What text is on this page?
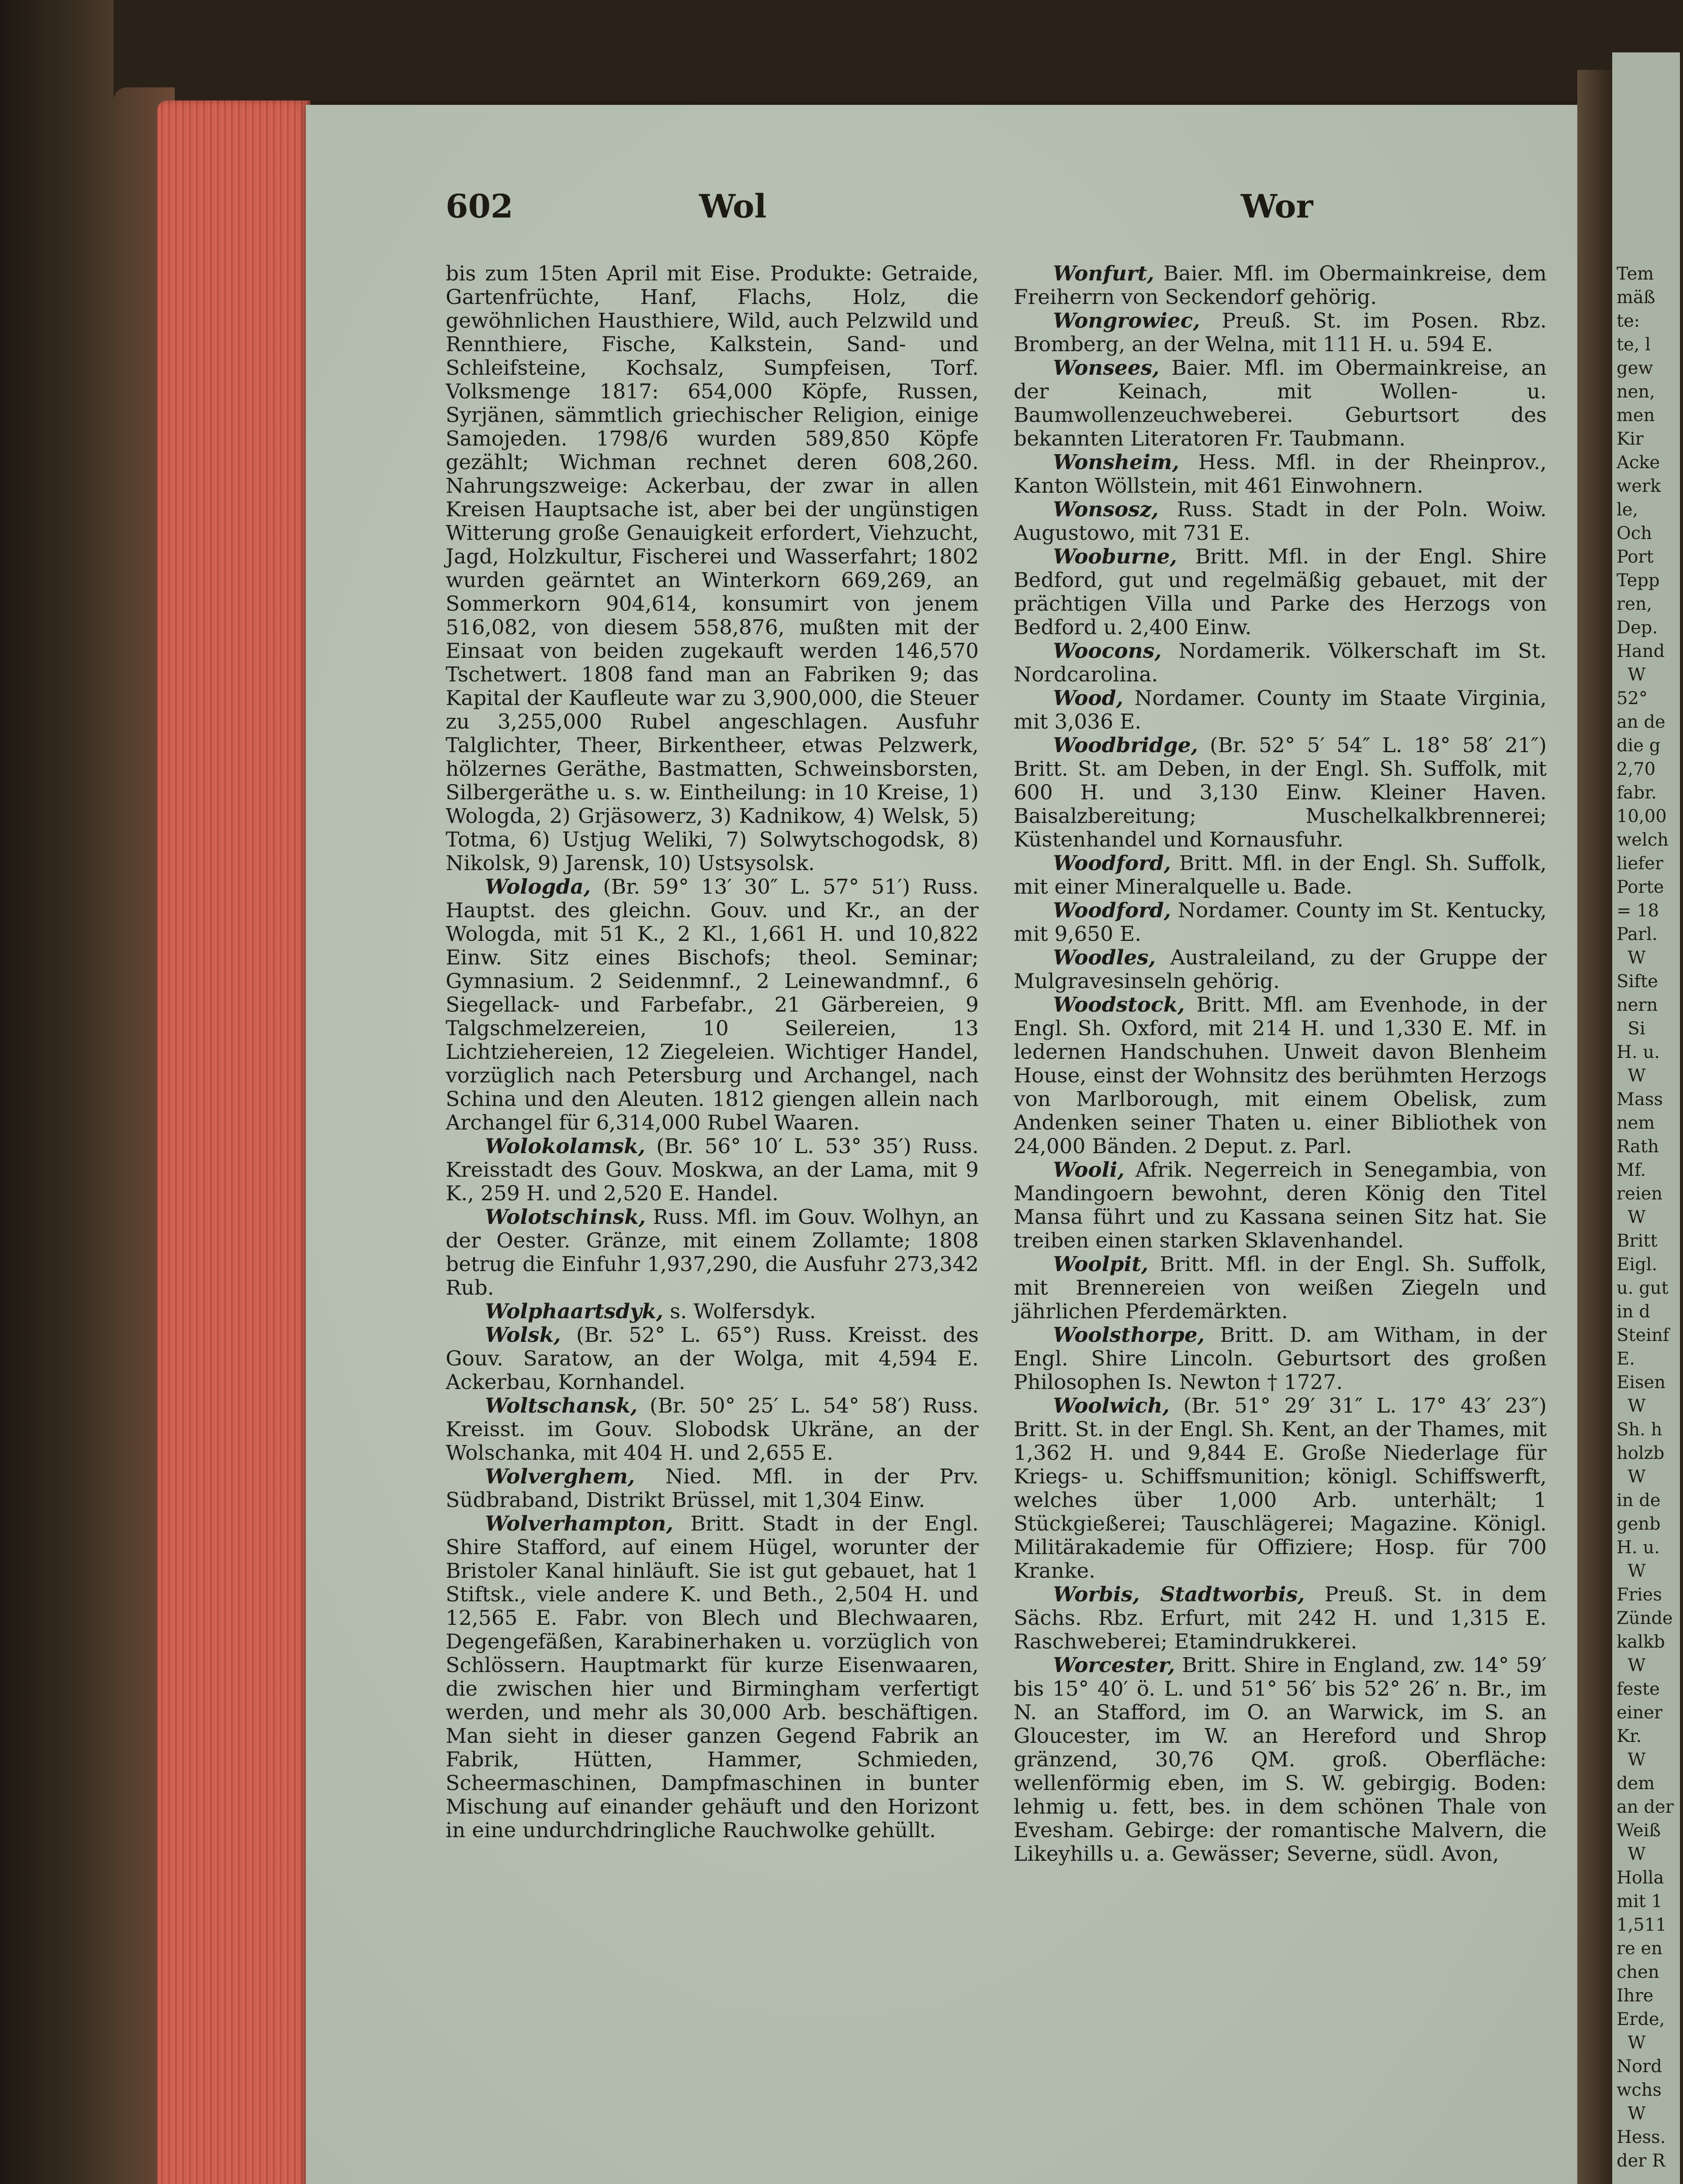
602	Wol	Wor

bis zum 15ten April mit Eise. Produkte: Getraide, Gartenfrüchte, Hanf, Flachs, Holz, die gewöhnlichen Hausthiere, Wild, auch Pelzwild und Rennthiere, Fische, Kalkstein, Sand- und Schleifsteine, Kochsalz, Sumpfeisen, Torf. Volksmenge 1817: 654,000 Köpfe, Russen, Syrjänen, sämmtlich griechischer Religion, einige Samojeden. 1798/6 wurden 589,850 Köpfe gezählt; Wichman rechnet deren 608,260. Nahrungszweige: Ackerbau, der zwar in allen Kreisen Hauptsache ist, aber bei der ungünstigen Witterung große Genauigkeit erfordert, Viehzucht, Jagd, Holzkultur, Fischerei und Wasserfahrt; 1802 wurden geärntet an Winterkorn 669,269, an Sommerkorn 904,614, konsumirt von jenem 516,082, von diesem 558,876, mußten mit der Einsaat von beiden zugekauft werden 146,570 Tschetwert. 1808 fand man an Fabriken 9; das Kapital der Kaufleute war zu 3,900,000, die Steuer zu 3,255,000 Rubel angeschlagen. Ausfuhr Talglichter, Theer, Birkentheer, etwas Pelzwerk, hölzernes Geräthe, Bastmatten, Schweinsborsten, Silbergeräthe u. s. w. Eintheilung: in 10 Kreise, 1) Wologda, 2) Grjäsowerz, 3) Kadnikow, 4) Welsk, 5) Totma, 6) Ustjug Weliki, 7) Solwytschogodsk, 8) Nikolsk, 9) Jarensk, 10) Ustsysolsk.

Wologda, (Br. 59° 13′ 30″ L. 57° 51′) Russ. Hauptst. des gleichn. Gouv. und Kr., an der Wologda, mit 51 K., 2 Kl., 1,661 H. und 10,822 Einw. Sitz eines Bischofs; theol. Seminar; Gymnasium. 2 Seidenmnf., 2 Leinewandmnf., 6 Siegellack- und Farbefabr., 21 Gärbereien, 9 Talgschmelzereien, 10 Seilereien, 13 Lichtziehereien, 12 Ziegeleien. Wichtiger Handel, vorzüglich nach Petersburg und Archangel, nach Schina und den Aleuten. 1812 giengen allein nach Archangel für 6,314,000 Rubel Waaren.

Wolokolamsk, (Br. 56° 10′ L. 53° 35′) Russ. Kreisstadt des Gouv. Moskwa, an der Lama, mit 9 K., 259 H. und 2,520 E. Handel.

Wolotschinsk, Russ. Mfl. im Gouv. Wolhyn, an der Oester. Gränze, mit einem Zollamte; 1808 betrug die Einfuhr 1,937,290, die Ausfuhr 273,342 Rub.

Wolphaartsdyk, s. Wolfersdyk.

Wolsk, (Br. 52° L. 65°) Russ. Kreisst. des Gouv. Saratow, an der Wolga, mit 4,594 E. Ackerbau, Kornhandel.

Woltschansk, (Br. 50° 25′ L. 54° 58′) Russ. Kreisst. im Gouv. Slobodsk Ukräne, an der Wolschanka, mit 404 H. und 2,655 E.

Wolverghem, Nied. Mfl. in der Prv. Südbraband, Distrikt Brüssel, mit 1,304 Einw.

Wolverhampton, Britt. Stadt in der Engl. Shire Stafford, auf einem Hügel, worunter der Bristoler Kanal hinläuft. Sie ist gut gebauet, hat 1 Stiftsk., viele andere K. und Beth., 2,504 H. und 12,565 E. Fabr. von Blech und Blechwaaren, Degengefäßen, Karabinerhaken u. vorzüglich von Schlössern. Hauptmarkt für kurze Eisenwaaren, die zwischen hier und Birmingham verfertigt werden, und mehr als 30,000 Arb. beschäftigen. Man sieht in dieser ganzen Gegend Fabrik an Fabrik, Hütten, Hammer, Schmieden, Scheermaschinen, Dampfmaschinen in bunter Mischung auf einander gehäuft und den Horizont in eine undurchdringliche Rauchwolke gehüllt.

Wonfurt, Baier. Mfl. im Obermainkreise, dem Freiherrn von Seckendorf gehörig.

Wongrowiec, Preuß. St. im Posen. Rbz. Bromberg, an der Welna, mit 111 H. u. 594 E.

Wonsees, Baier. Mfl. im Obermainkreise, an der Keinach, mit Wollen- u. Baumwollenzeuchweberei. Geburtsort des bekannten Literatoren Fr. Taubmann.

Wonsheim, Hess. Mfl. in der Rheinprov., Kanton Wöllstein, mit 461 Einwohnern.

Wonsosz, Russ. Stadt in der Poln. Woiw. Augustowo, mit 731 E.

Wooburne, Britt. Mfl. in der Engl. Shire Bedford, gut und regelmäßig gebauet, mit der prächtigen Villa und Parke des Herzogs von Bedford u. 2,400 Einw.

Woocons, Nordamerik. Völkerschaft im St. Nordcarolina.

Wood, Nordamer. County im Staate Virginia, mit 3,036 E.

Woodbridge, (Br. 52° 5′ 54″ L. 18° 58′ 21″) Britt. St. am Deben, in der Engl. Sh. Suffolk, mit 600 H. und 3,130 Einw. Kleiner Haven. Baisalzbereitung; Muschelkalkbrennerei; Küstenhandel und Kornausfuhr.

Woodford, Britt. Mfl. in der Engl. Sh. Suffolk, mit einer Mineralquelle u. Bade.

Woodford, Nordamer. County im St. Kentucky, mit 9,650 E.

Woodles, Australeiland, zu der Gruppe der Mulgravesinseln gehörig.

Woodstock, Britt. Mfl. am Evenhode, in der Engl. Sh. Oxford, mit 214 H. und 1,330 E. Mf. in ledernen Handschuhen. Unweit davon Blenheim House, einst der Wohnsitz des berühmten Herzogs von Marlborough, mit einem Obelisk, zum Andenken seiner Thaten u. einer Bibliothek von 24,000 Bänden. 2 Deput. z. Parl.

Wooli, Afrik. Negerreich in Senegambia, von Mandingoern bewohnt, deren König den Titel Mansa führt und zu Kassana seinen Sitz hat. Sie treiben einen starken Sklavenhandel.

Woolpit, Britt. Mfl. in der Engl. Sh. Suffolk, mit Brennereien von weißen Ziegeln und jährlichen Pferdemärkten.

Woolsthorpe, Britt. D. am Witham, in der Engl. Shire Lincoln. Geburtsort des großen Philosophen Is. Newton † 1727.

Woolwich, (Br. 51° 29′ 31″ L. 17° 43′ 23″) Britt. St. in der Engl. Sh. Kent, an der Thames, mit 1,362 H. und 9,844 E. Große Niederlage für Kriegs- u. Schiffsmunition; königl. Schiffswerft, welches über 1,000 Arb. unterhält; 1 Stückgießerei; Tauschlägerei; Magazine. Königl. Militärakademie für Offiziere; Hosp. für 700 Kranke.

Worbis, Stadtworbis, Preuß. St. in dem Sächs. Rbz. Erfurt, mit 242 H. und 1,315 E. Raschweberei; Etamindrukkerei.

Worcester, Britt. Shire in England, zw. 14° 59′ bis 15° 40′ ö. L. und 51° 56′ bis 52° 26′ n. Br., im N. an Stafford, im O. an Warwick, im S. an Gloucester, im W. an Hereford und Shrop gränzend, 30,76 QM. groß. Oberfläche: wellenförmig eben, im S. W. gebirgig. Boden: lehmig u. fett, bes. in dem schönen Thale von Evesham. Gebirge: der romantische Malvern, die Likeyhills u. a. Gewässer; Severne, südl. Avon,

Tem
mäß
te:
te, l
gew
nen,
men
Kir
Acke
werk
le,
Och
Port
Tepp
ren,
Dep.
Hand
W
52°
an de
die g
2,70
fabr.
10,00
welch
liefer
Porte
= 18
Parl.
W
Sifte
nern
Si
H. u.
W
Mass
nem
Rath
Mf.
reien
W
Britt
Eigl.
u. gut
in d
Steinf
E.
Eisen
W
Sh. h
holzb
W
in de
genb
H. u.
W
Fries
Zünde
kalkb
W
feste
einer
Kr.
W
dem
an der
Weiß
W
Holla
mit 1
1,511
re en
chen
Ihre
Erde,
W
Nord
wchs
W
Hess.
der R
